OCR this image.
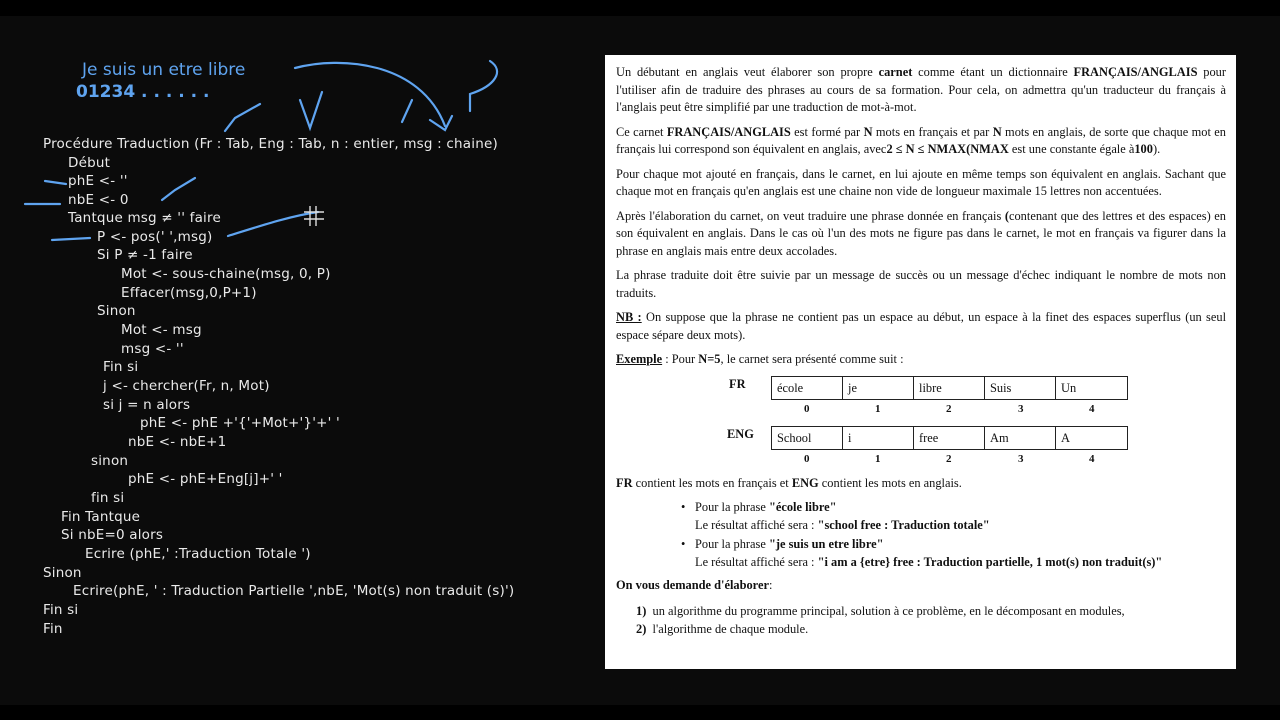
Je suis un etre libre
01234 . . . . . .
Procédure Traduction (Fr : Tab, Eng : Tab, n : entier, msg : chaine)
Début
phE <- ''
nbE <- 0
Tantque msg ≠ '' faire
P <- pos(' ',msg)
Si P ≠ -1 faire
Mot <- sous-chaine(msg, 0, P)
Effacer(msg,0,P+1)
Sinon
Mot <- msg
msg <- ''
Fin si
j <- chercher(Fr, n, Mot)
si j = n alors
phE <- phE +'{'+Mot+'}'+' '
nbE <- nbE+1
sinon
phE <- phE+Eng[j]+' '
fin si
Fin Tantque
Si nbE=0 alors
Ecrire (phE,' :Traduction Totale ')
Sinon
Ecrire(phE, ' : Traduction Partielle ',nbE, 'Mot(s) non traduit (s)')
Fin si
Fin

Un débutant en anglais veut élaborer son propre carnet comme étant un dictionnaire FRANÇAIS/ANGLAIS pour l'utiliser afin de traduire des phrases au cours de sa formation. Pour cela, on admettra qu'un traducteur du français à l'anglais peut être simplifié par une traduction de mot-à-mot.

Ce carnet FRANÇAIS/ANGLAIS est formé par N mots en français et par N mots en anglais, de sorte que chaque mot en français lui correspond son équivalent en anglais, avec2 ≤ N ≤ NMAX(NMAX est une constante égale à100).

Pour chaque mot ajouté en français, dans le carnet, en lui ajoute en même temps son équivalent en anglais. Sachant que chaque mot en français qu'en anglais est une chaine non vide de longueur maximale 15 lettres non accentuées.

Après l'élaboration du carnet, on veut traduire une phrase donnée en français (contenant que des lettres et des espaces) en son équivalent en anglais. Dans le cas où l'un des mots ne figure pas dans le carnet, le mot en français va figurer dans la phrase en anglais mais entre deux accolades.

La phrase traduite doit être suivie par un message de succès ou un message d'échec indiquant le nombre de mots non traduits.

NB : On suppose que la phrase ne contient pas un espace au début, un espace à la finet des espaces superflus (un seul espace sépare deux mots).

Exemple : Pour N=5, le carnet sera présenté comme suit :

FR	école	je	libre	Suis	Un
0	1	2	3	4
ENG	School	i	free	Am	A
0	1	2	3	4

FR contient les mots en français et ENG contient les mots en anglais.

• Pour la phrase "école libre"
Le résultat affiché sera : "school free : Traduction totale"
• Pour la phrase "je suis un etre libre"
Le résultat affiché sera : "i am a {etre} free : Traduction partielle, 1 mot(s) non traduit(s)"

On vous demande d'élaborer:

1) un algorithme du programme principal, solution à ce problème, en le décomposant en modules,
2) l'algorithme de chaque module.
